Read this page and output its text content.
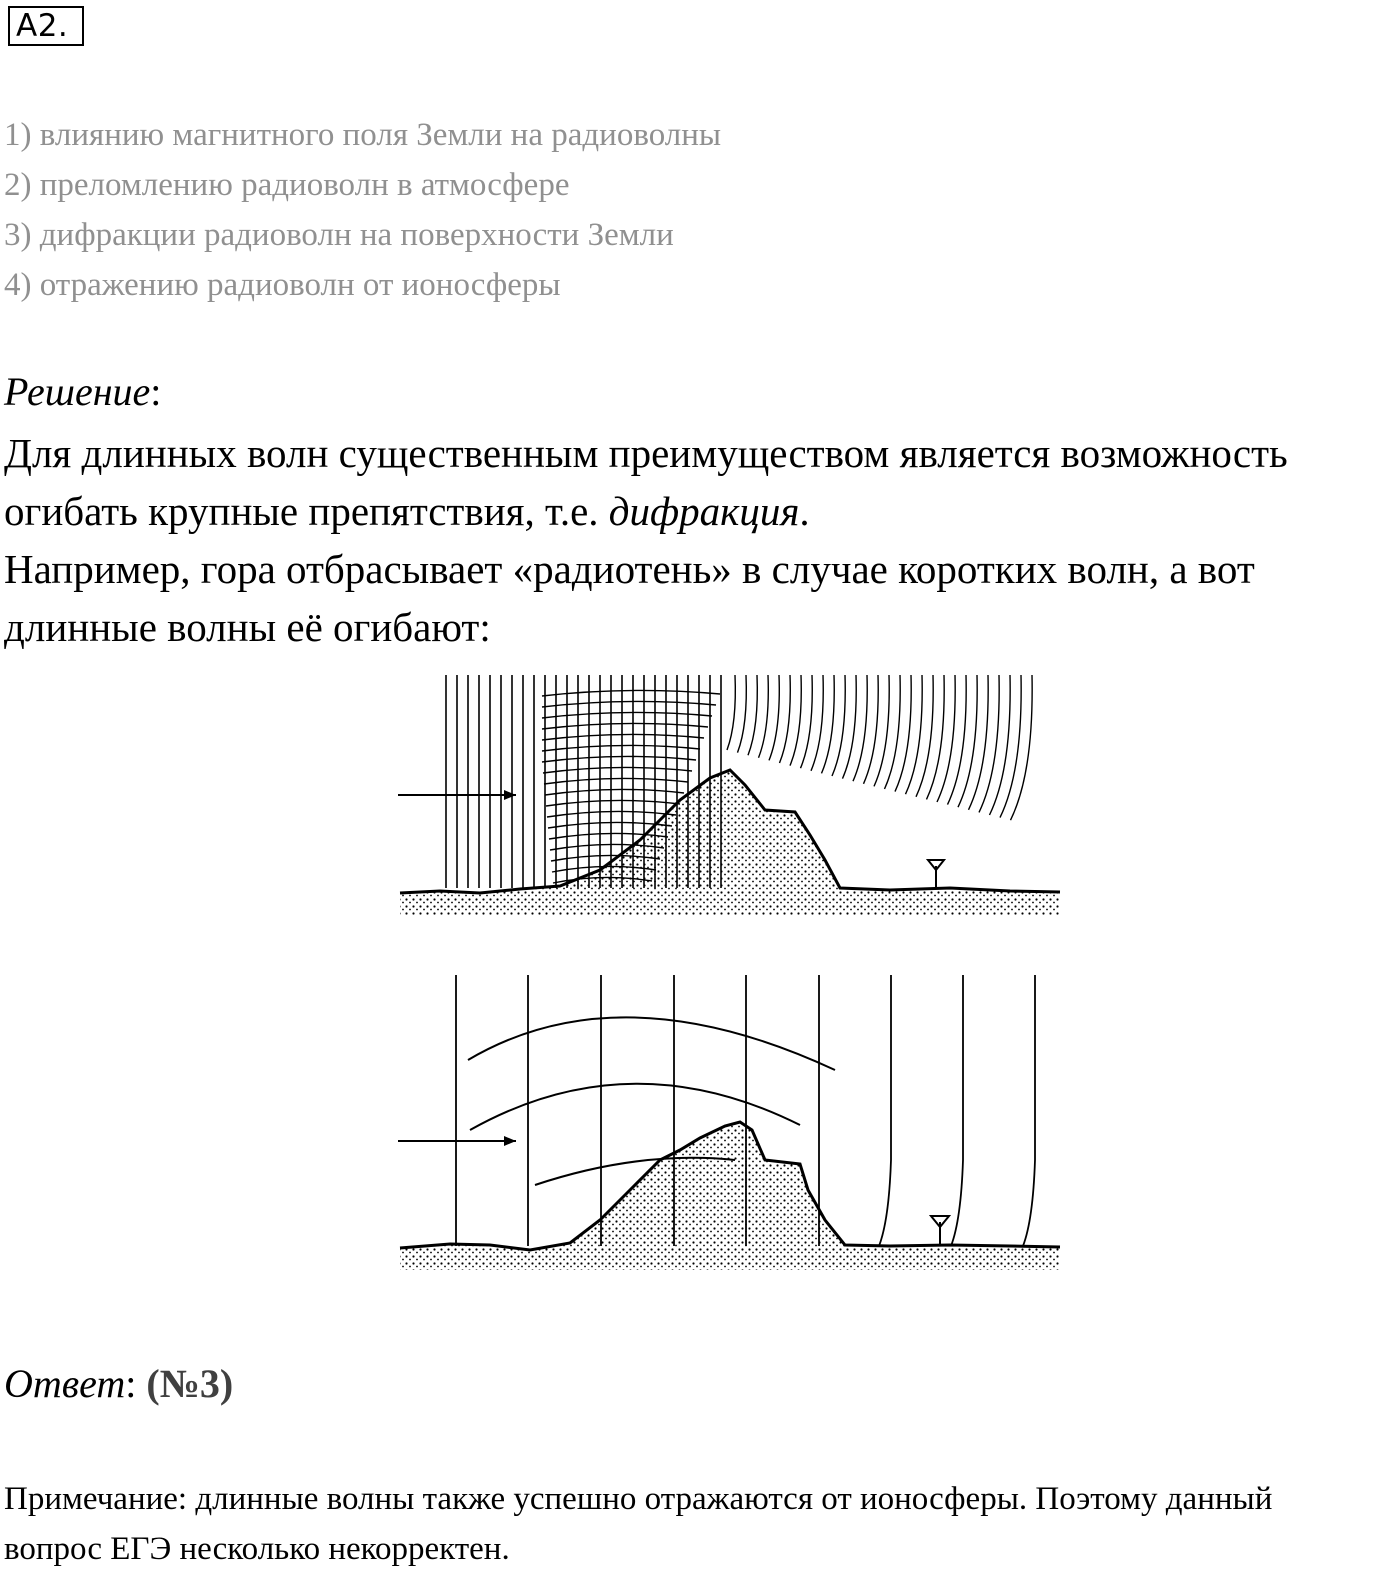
А2.
1) влиянию магнитного поля Земли на радиоволны
2) преломлению радиоволн в атмосфере
3) дифракции радиоволн на поверхности Земли
4) отражению радиоволн от ионосферы
Решение:
Для длинных волн существенным преимуществом является возможность
огибать крупные препятствия, т.е. дифракция.
Например, гора отбрасывает «радиотень» в случае коротких волн, а вот
длинные волны её огибают:
Ответ: (№3)
Примечание: длинные волны также успешно отражаются от ионосферы. Поэтому данный
вопрос ЕГЭ несколько некорректен.
